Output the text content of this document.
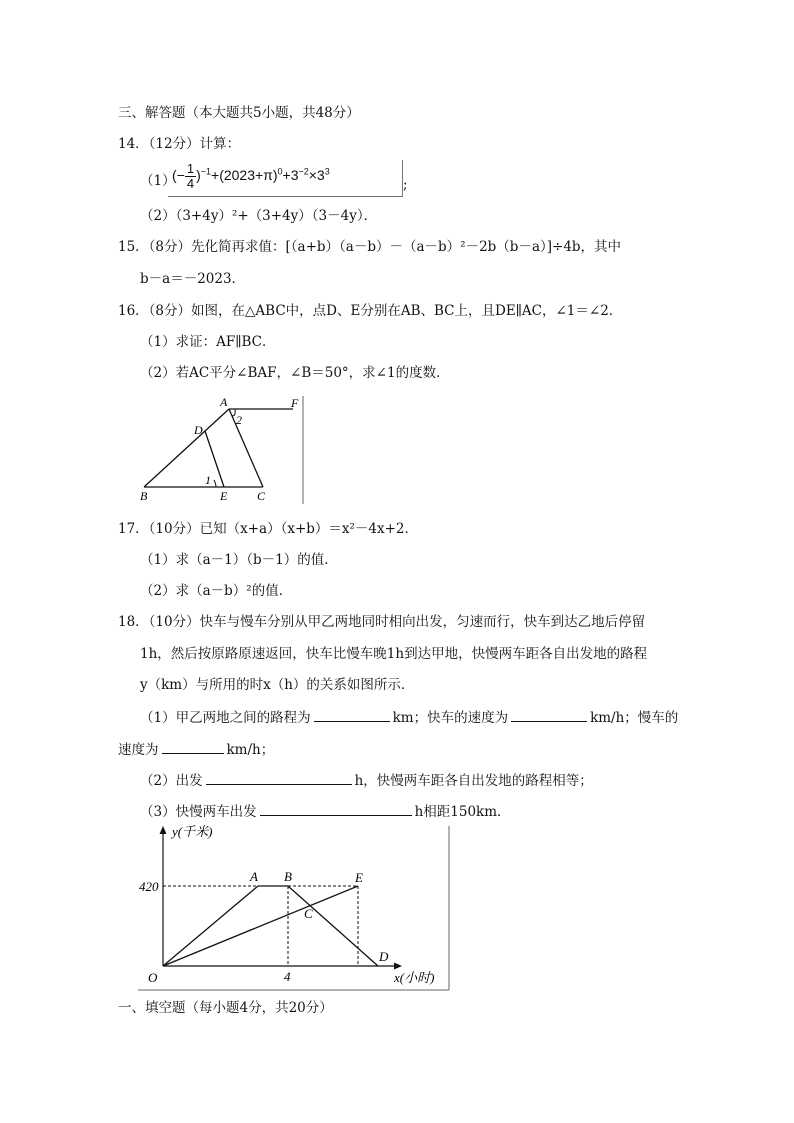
三、解答题（本大题共5小题，共48分）
14．（12分）计算：
（1）
(− $\frac{1}{4} )^{-1}+(2023+\pi)^0+3^{-2}\times 3^3$
;
（2）（3+4y）²+（3+4y）（3－4y）．
15．（8分）先化简再求值：[（a+b）（a－b）－（a－b）²－2b（b－a）]÷4b，其中
b－a＝－2023．
16．（8分）如图，在△ABC中，点D、E分别在AB、BC上，且DE∥AC，∠1＝∠2．
（1）求证：AF∥BC．
（2）若AC平分∠BAF，∠B＝50°，求∠1的度数．
A	F
2
D
1
B	E C
17．（10分）已知（x+a）（x+b）＝x²－4x+2．
（1）求（a－1）（b－1）的值．
（2）求（a－b）²的值．
18．（10分）快车与慢车分别从甲乙两地同时相向出发，匀速而行，快车到达乙地后停留
1h，然后按原路原速返回，快车比慢车晚1h到达甲地，快慢两车距各自出发地的路程
y（km）与所用的时x（h）的关系如图所示．
（1）甲乙两地之间的路程为	km；快车的速度为	km/h；慢车的
速度为	km/h；
（2）出发	h，快慢两车距各自出发地的路程相等；
（3）快慢两车出发	h相距150km．
y(千米)
x(小时)
420
4
O
A B
C
D
E
一、填空题（每小题4分，共20分）
